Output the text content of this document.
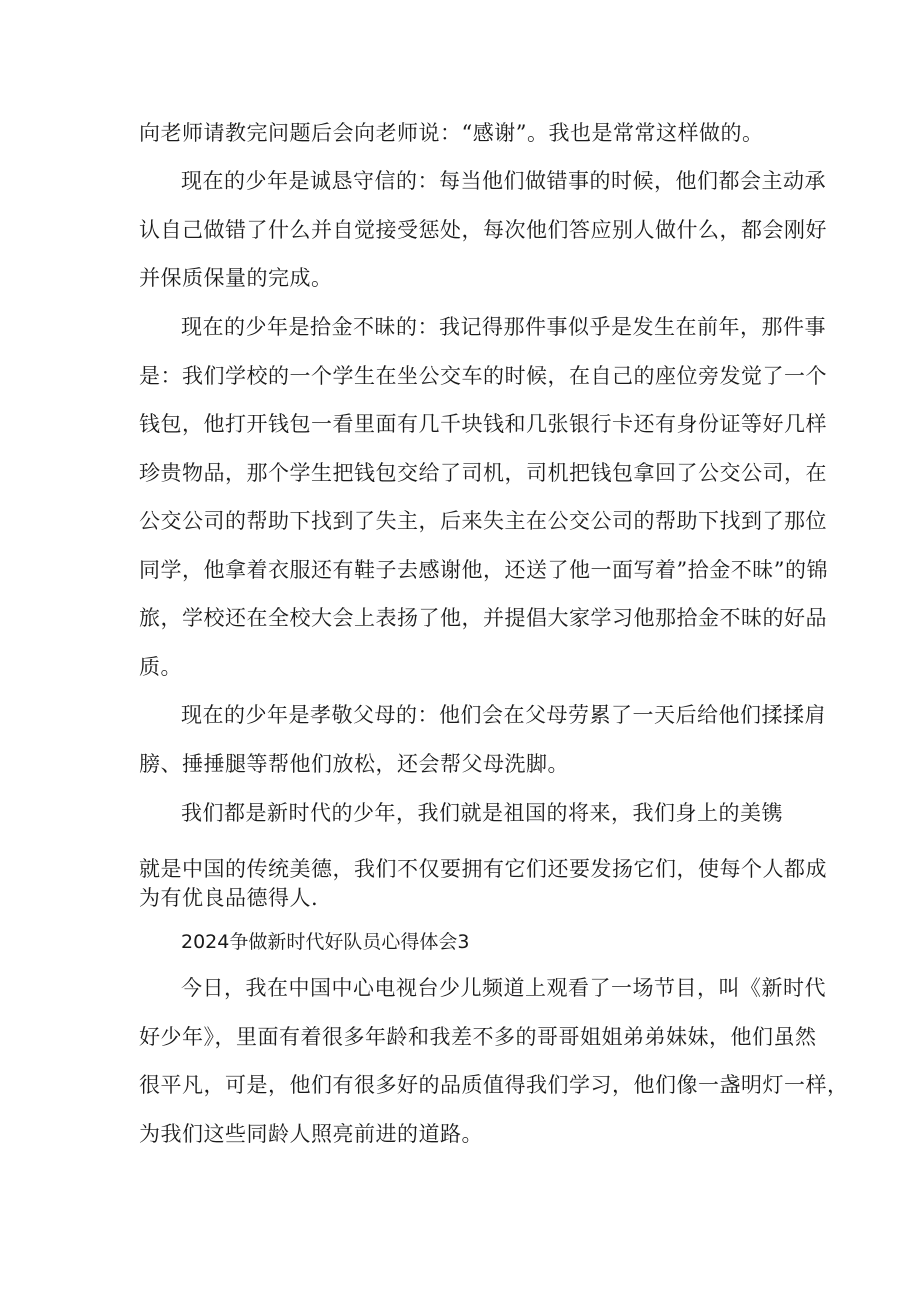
向老师请教完问题后会向老师说：“感谢”。我也是常常这样做的。
现在的少年是诚恳守信的：每当他们做错事的时候，他们都会主动承
认自己做错了什么并自觉接受惩处，每次他们答应别人做什么，都会刚好
并保质保量的完成。
现在的少年是拾金不昧的：我记得那件事似乎是发生在前年，那件事
是：我们学校的一个学生在坐公交车的时候，在自己的座位旁发觉了一个
钱包，他打开钱包一看里面有几千块钱和几张银行卡还有身份证等好几样
珍贵物品，那个学生把钱包交给了司机，司机把钱包拿回了公交公司，在
公交公司的帮助下找到了失主，后来失主在公交公司的帮助下找到了那位
同学，他拿着衣服还有鞋子去感谢他，还送了他一面写着”拾金不昧”的锦
旅，学校还在全校大会上表扬了他，并提倡大家学习他那拾金不昧的好品
质。
现在的少年是孝敬父母的：他们会在父母劳累了一天后给他们揉揉肩
膀、捶捶腿等帮他们放松，还会帮父母洗脚。
我们都是新时代的少年，我们就是祖国的将来，我们身上的美镌
就是中国的传统美德，我们不仅要拥有它们还要发扬它们，使每个人都成
为有优良品德得人.
2024争做新时代好队员心得体会3
今日，我在中国中心电视台少儿频道上观看了一场节目，叫《新时代
好少年》，里面有着很多年龄和我差不多的哥哥姐姐弟弟妹妹，他们虽然
很平凡，可是，他们有很多好的品质值得我们学习，他们像一盏明灯一样，
为我们这些同龄人照亮前进的道路。
